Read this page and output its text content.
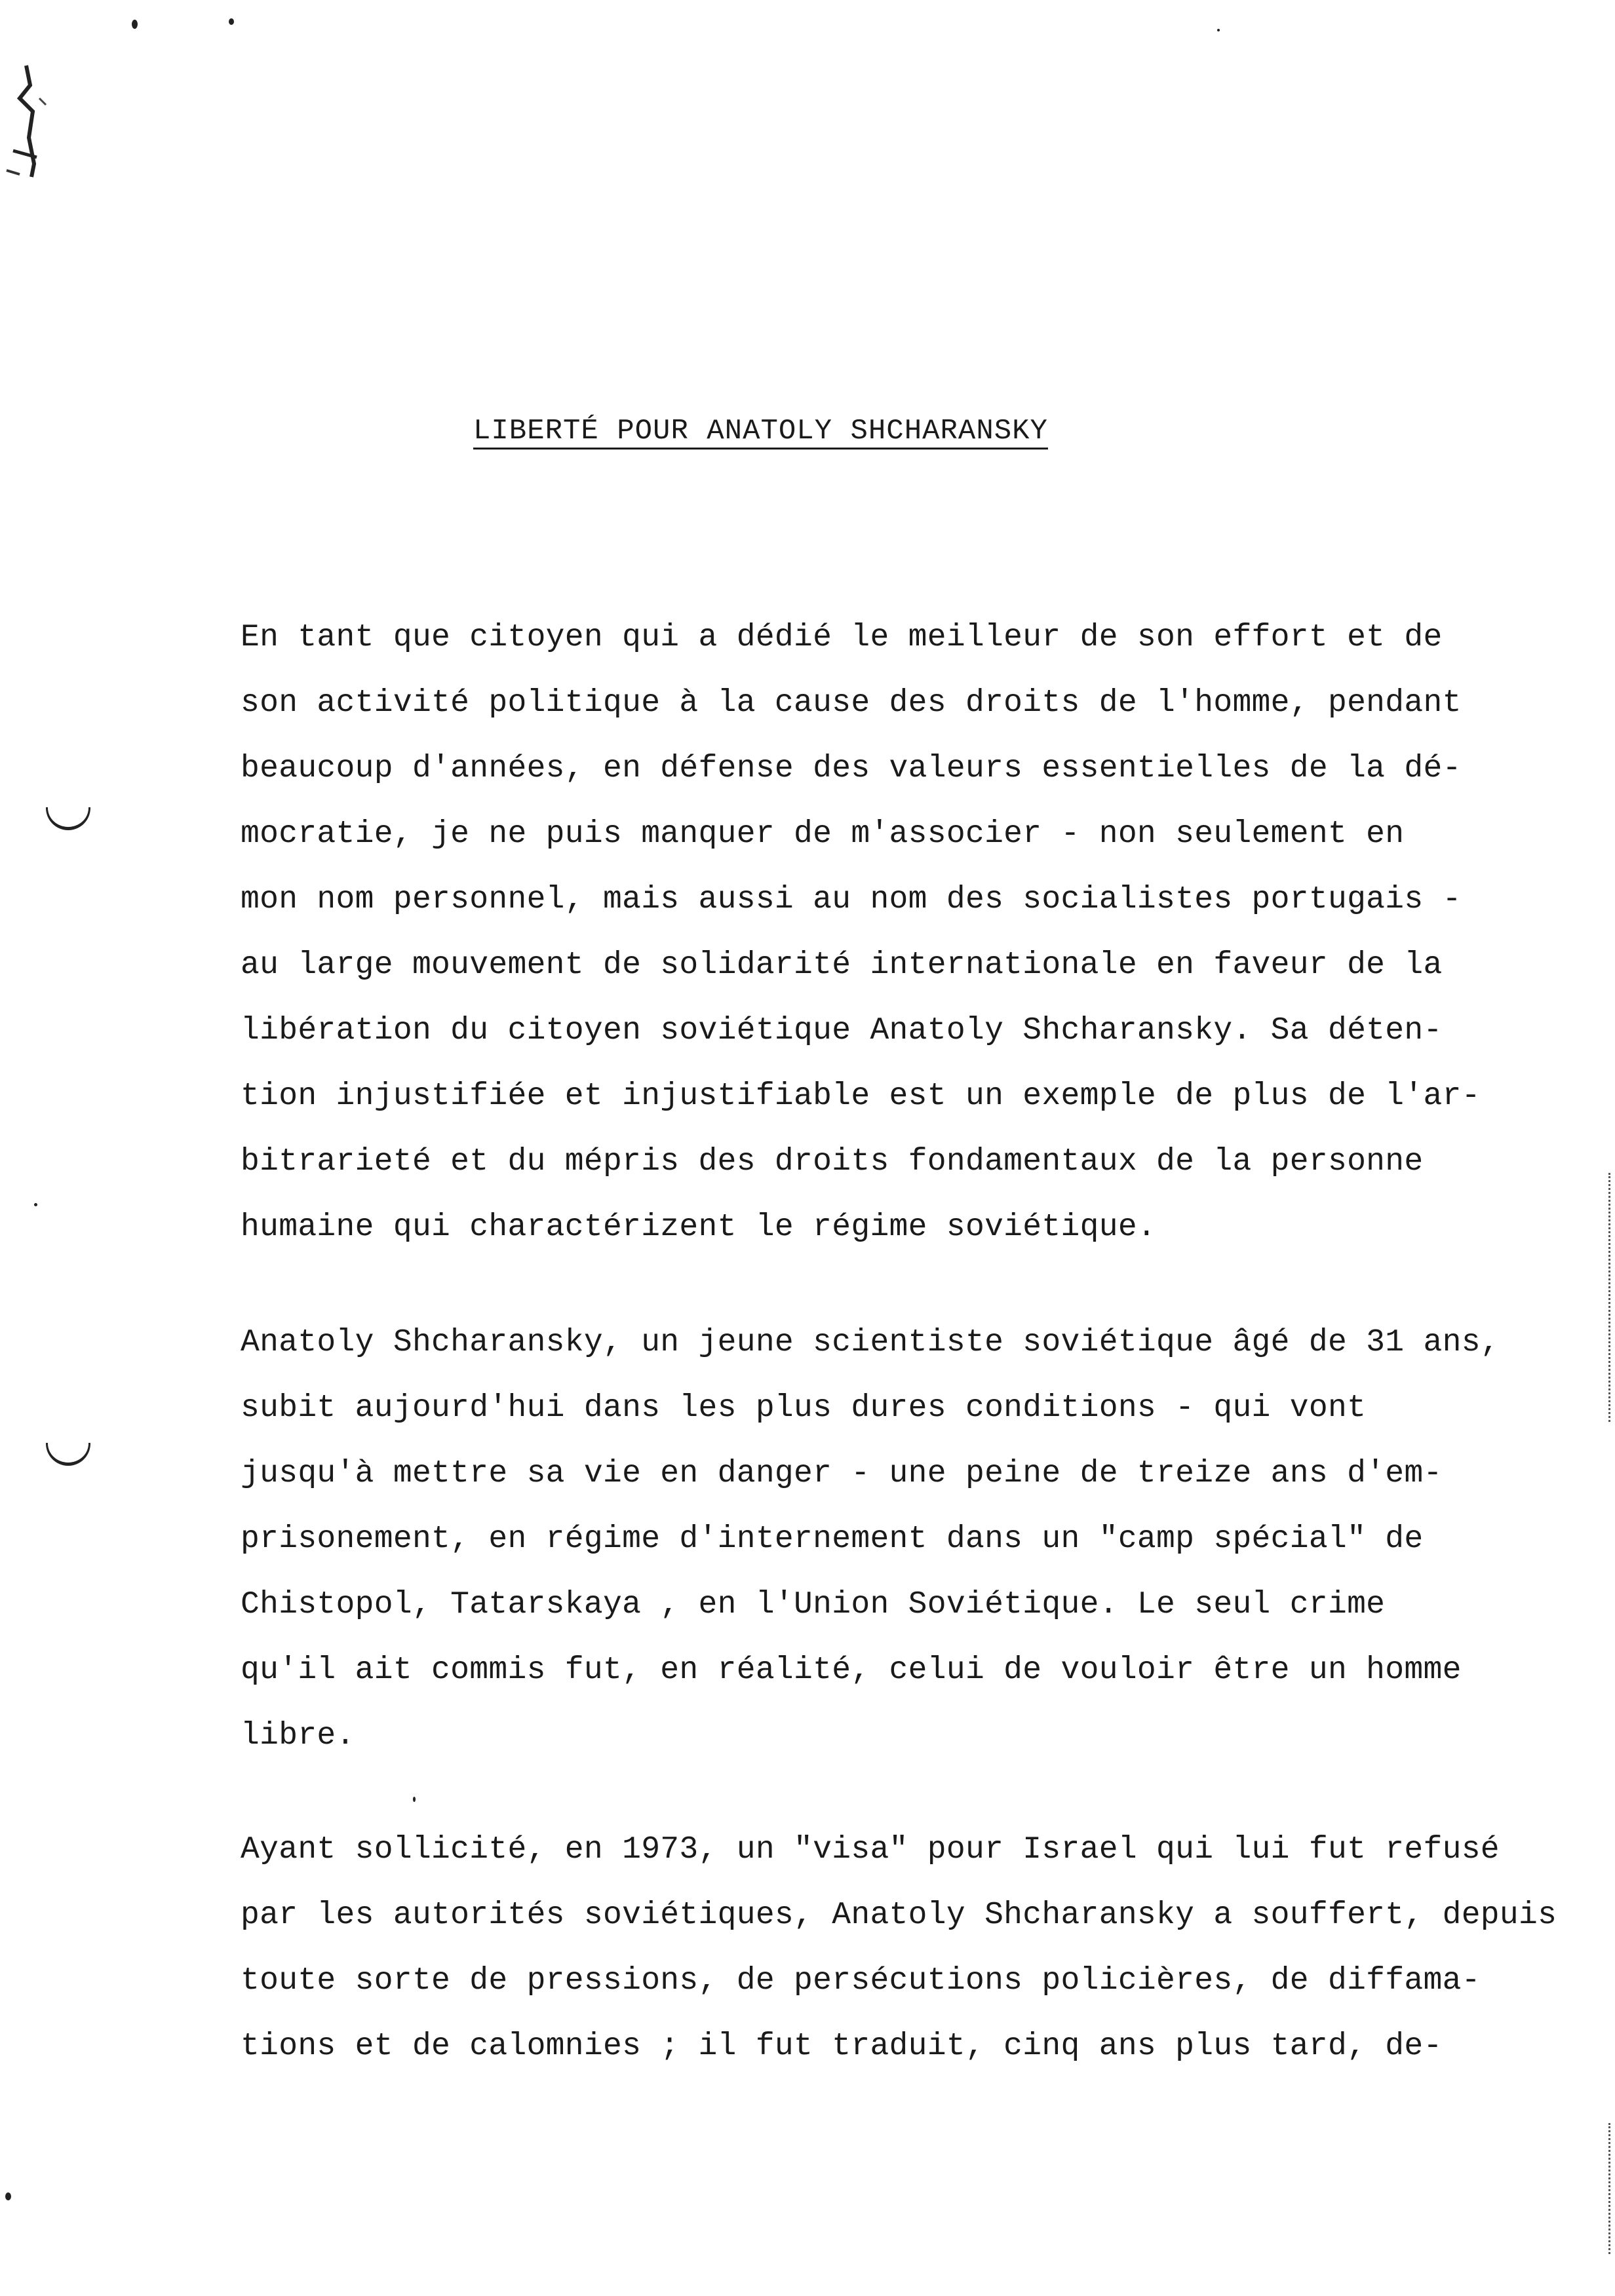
LIBERTÉ POUR ANATOLY SHCHARANSKY
En tant que citoyen qui a dédié le meilleur de son effort et de
son activité politique à la cause des droits de l'homme, pendant
beaucoup d'années, en défense des valeurs essentielles de la dé-
mocratie, je ne puis manquer de m'associer - non seulement en
mon nom personnel, mais aussi au nom des socialistes portugais -
au large mouvement de solidarité internationale en faveur de la
libération du citoyen soviétique Anatoly Shcharansky. Sa déten-
tion injustifiée et injustifiable est un exemple de plus de l'ar-
bitrarieté et du mépris des droits fondamentaux de la personne
humaine qui charactérizent le régime soviétique.
Anatoly Shcharansky, un jeune scientiste soviétique âgé de 31 ans,
subit aujourd'hui dans les plus dures conditions - qui vont
jusqu'à mettre sa vie en danger - une peine de treize ans d'em-
prisonement, en régime d'internement dans un "camp spécial" de
Chistopol, Tatarskaya , en l'Union Soviétique. Le seul crime
qu'il ait commis fut, en réalité, celui de vouloir être un homme
libre.
Ayant sollicité, en 1973, un "visa" pour Israel qui lui fut refusé
par les autorités soviétiques, Anatoly Shcharansky a souffert, depuis
toute sorte de pressions, de persécutions policières, de diffama-
tions et de calomnies ; il fut traduit, cinq ans plus tard, de-
